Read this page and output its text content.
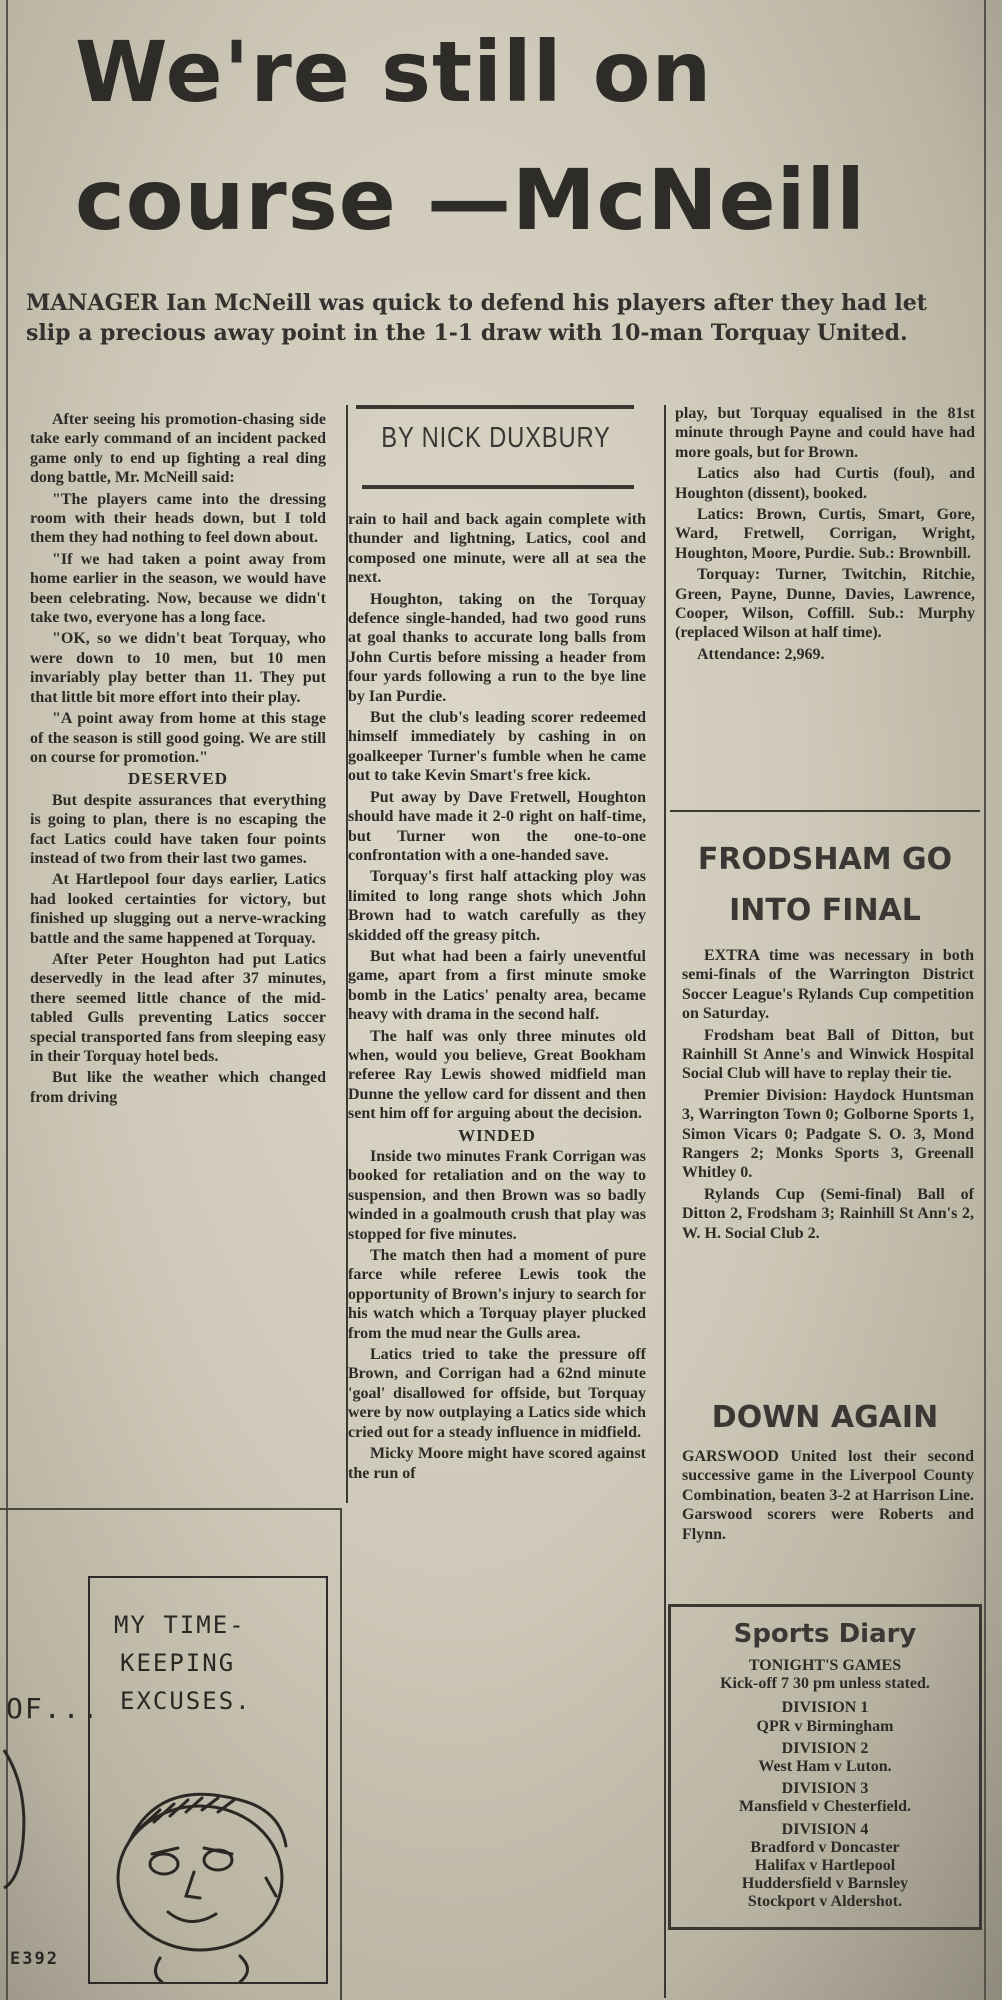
We're still on
course —McNeill
MANAGER Ian McNeill was quick to defend his players after they had let slip a precious away point in the 1-1 draw with 10-man Torquay United.

After seeing his promotion-chasing side take early command of an incident packed game only to end up fighting a real ding dong battle, Mr. McNeill said:

"The players came into the dressing room with their heads down, but I told them they had nothing to feel down about.

"If we had taken a point away from home earlier in the season, we would have been celebrating. Now, because we didn't take two, everyone has a long face.

"OK, so we didn't beat Torquay, who were down to 10 men, but 10 men invariably play better than 11. They put that little bit more effort into their play.

"A point away from home at this stage of the season is still good going. We are still on course for promotion."

DESERVED

But despite assurances that everything is going to plan, there is no escaping the fact Latics could have taken four points instead of two from their last two games.

At Hartlepool four days earlier, Latics had looked certainties for victory, but finished up slugging out a nerve-wracking battle and the same happened at Torquay.

After Peter Houghton had put Latics deservedly in the lead after 37 minutes, there seemed little chance of the mid-tabled Gulls preventing Latics soccer special transported fans from sleeping easy in their Torquay hotel beds.

But like the weather which changed from driving

BY NICK DUXBURY

rain to hail and back again complete with thunder and lightning, Latics, cool and composed one minute, were all at sea the next.

Houghton, taking on the Torquay defence single-handed, had two good runs at goal thanks to accurate long balls from John Curtis before missing a header from four yards following a run to the bye line by Ian Purdie.

But the club's leading scorer redeemed himself immediately by cashing in on goalkeeper Turner's fumble when he came out to take Kevin Smart's free kick.

Put away by Dave Fretwell, Houghton should have made it 2-0 right on half-time, but Turner won the one-to-one confrontation with a one-handed save.

Torquay's first half attacking ploy was limited to long range shots which John Brown had to watch carefully as they skidded off the greasy pitch.

But what had been a fairly uneventful game, apart from a first minute smoke bomb in the Latics' penalty area, became heavy with drama in the second half.

The half was only three minutes old when, would you believe, Great Bookham referee Ray Lewis showed midfield man Dunne the yellow card for dissent and then sent him off for arguing about the decision.

WINDED

Inside two minutes Frank Corrigan was booked for retaliation and on the way to suspension, and then Brown was so badly winded in a goalmouth crush that play was stopped for five minutes.

The match then had a moment of pure farce while referee Lewis took the opportunity of Brown's injury to search for his watch which a Torquay player plucked from the mud near the Gulls area.

Latics tried to take the pressure off Brown, and Corrigan had a 62nd minute 'goal' disallowed for offside, but Torquay were by now outplaying a Latics side which cried out for a steady influence in midfield.

Micky Moore might have scored against the run of

play, but Torquay equalised in the 81st minute through Payne and could have had more goals, but for Brown.

Latics also had Curtis (foul), and Houghton (dissent), booked.

Latics: Brown, Curtis, Smart, Gore, Ward, Fretwell, Corrigan, Wright, Houghton, Moore, Purdie. Sub.: Brownbill.

Torquay: Turner, Twitchin, Ritchie, Green, Payne, Dunne, Davies, Lawrence, Cooper, Wilson, Coffill. Sub.: Murphy (replaced Wilson at half time).

Attendance: 2,969.

FRODSHAM GO
INTO FINAL

EXTRA time was necessary in both semi-finals of the Warrington District Soccer League's Rylands Cup competition on Saturday.

Frodsham beat Ball of Ditton, but Rainhill St Anne's and Winwick Hospital Social Club will have to replay their tie.

Premier Division: Haydock Huntsman 3, Warrington Town 0; Golborne Sports 1, Simon Vicars 0; Padgate S. O. 3, Mond Rangers 2; Monks Sports 3, Greenall Whitley 0.

Rylands Cup (Semi-final) Ball of Ditton 2, Frodsham 3; Rainhill St Ann's 2, W. H. Social Club 2.

DOWN AGAIN

GARSWOOD United lost their second successive game in the Liverpool County Combination, beaten 3-2 at Harrison Line. Garswood scorers were Roberts and Flynn.

Sports Diary
TONIGHT'S GAMES
Kick-off 7 30 pm unless stated.
DIVISION 1
QPR v Birmingham
DIVISION 2
West Ham v Luton.
DIVISION 3
Mansfield v Chesterfield.
DIVISION 4
Bradford v Doncaster
Halifax v Hartlepool
Huddersfield v Barnsley
Stockport v Aldershot.
OF...
MY TIME-
KEEPING
EXCUSES.
E392
